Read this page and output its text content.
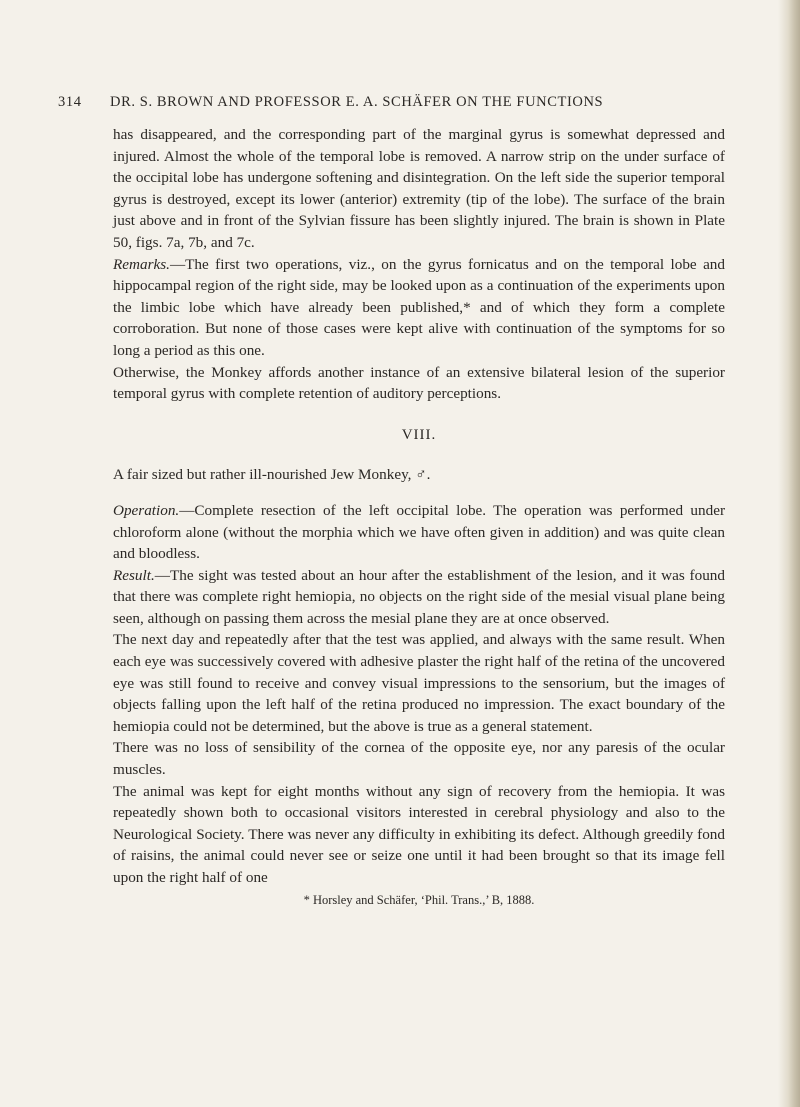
314	DR. S. BROWN AND PROFESSOR E. A. SCHÄFER ON THE FUNCTIONS

has disappeared, and the corresponding part of the marginal gyrus is somewhat depressed and injured. Almost the whole of the temporal lobe is removed. A narrow strip on the under surface of the occipital lobe has undergone softening and disintegration. On the left side the superior temporal gyrus is destroyed, except its lower (anterior) extremity (tip of the lobe). The surface of the brain just above and in front of the Sylvian fissure has been slightly injured. The brain is shown in Plate 50, figs. 7a, 7b, and 7c.

Remarks.—The first two operations, viz., on the gyrus fornicatus and on the temporal lobe and hippocampal region of the right side, may be looked upon as a continuation of the experiments upon the limbic lobe which have already been published,* and of which they form a complete corroboration. But none of those cases were kept alive with continuation of the symptoms for so long a period as this one.

Otherwise, the Monkey affords another instance of an extensive bilateral lesion of the superior temporal gyrus with complete retention of auditory perceptions.

VIII.

A fair sized but rather ill-nourished Jew Monkey, ♂.

Operation.—Complete resection of the left occipital lobe. The operation was performed under chloroform alone (without the morphia which we have often given in addition) and was quite clean and bloodless.

Result.—The sight was tested about an hour after the establishment of the lesion, and it was found that there was complete right hemiopia, no objects on the right side of the mesial visual plane being seen, although on passing them across the mesial plane they are at once observed.

The next day and repeatedly after that the test was applied, and always with the same result. When each eye was successively covered with adhesive plaster the right half of the retina of the uncovered eye was still found to receive and convey visual impressions to the sensorium, but the images of objects falling upon the left half of the retina produced no impression. The exact boundary of the hemiopia could not be determined, but the above is true as a general statement.

There was no loss of sensibility of the cornea of the opposite eye, nor any paresis of the ocular muscles.

The animal was kept for eight months without any sign of recovery from the hemiopia. It was repeatedly shown both to occasional visitors interested in cerebral physiology and also to the Neurological Society. There was never any difficulty in exhibiting its defect. Although greedily fond of raisins, the animal could never see or seize one until it had been brought so that its image fell upon the right half of one

* Horsley and Schäfer, ‘Phil. Trans.,’ B, 1888.
